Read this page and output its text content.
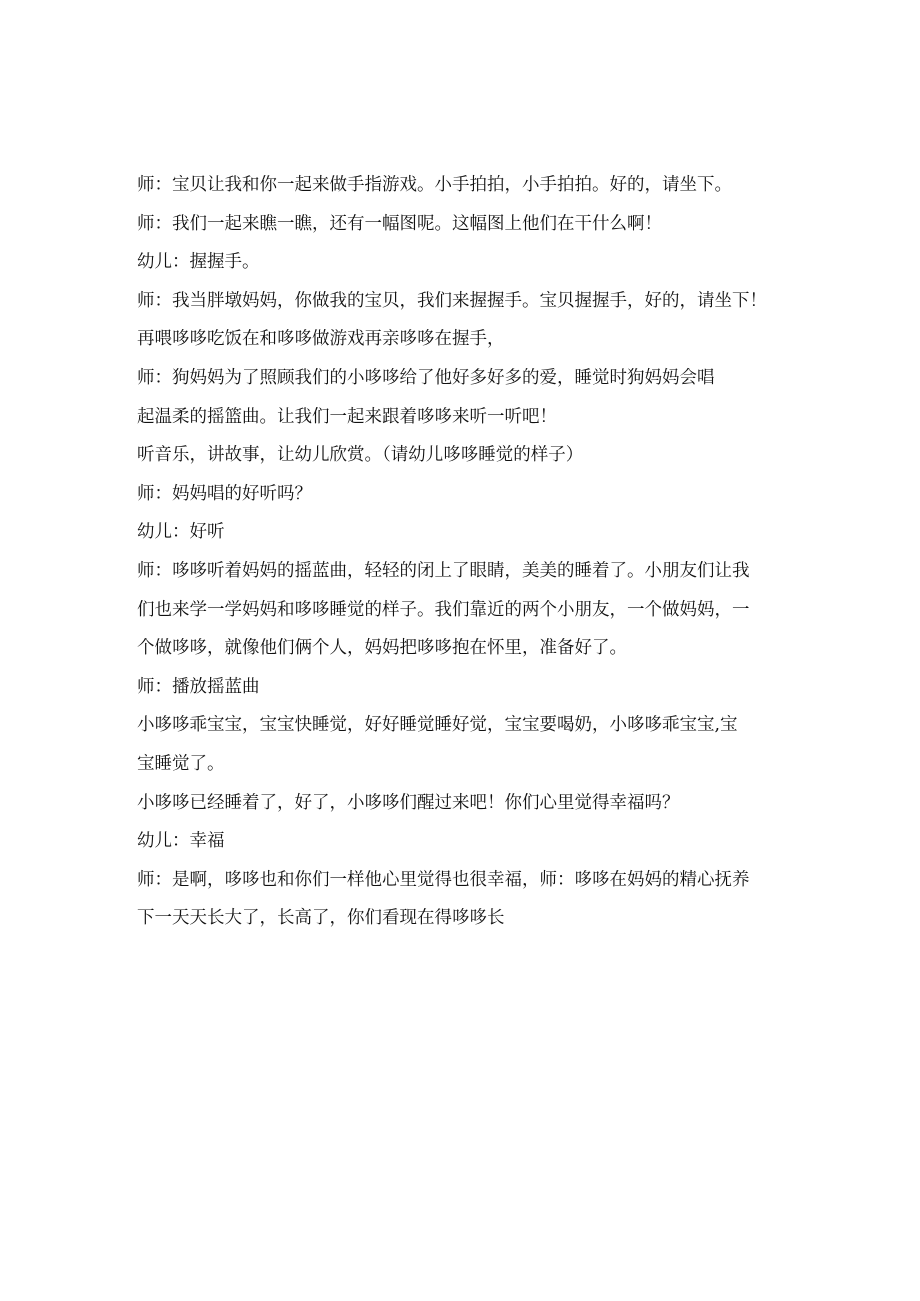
师：宝贝让我和你一起来做手指游戏。小手拍拍，小手拍拍。好的，请坐下。
师：我们一起来瞧一瞧，还有一幅图呢。这幅图上他们在干什么啊！
幼儿：握握手。
师：我当胖墩妈妈，你做我的宝贝，我们来握握手。宝贝握握手，好的，请坐下！
再喂哆哆吃饭在和哆哆做游戏再亲哆哆在握手，
师：狗妈妈为了照顾我们的小哆哆给了他好多好多的爱，睡觉时狗妈妈会唱
起温柔的摇篮曲。让我们一起来跟着哆哆来听一听吧！
听音乐，讲故事，让幼儿欣赏。（请幼儿哆哆睡觉的样子）
师：妈妈唱的好听吗？
幼儿：好听
师：哆哆听着妈妈的摇蓝曲，轻轻的闭上了眼睛，美美的睡着了。小朋友们让我
们也来学一学妈妈和哆哆睡觉的样子。我们靠近的两个小朋友，一个做妈妈，一
个做哆哆，就像他们俩个人，妈妈把哆哆抱在怀里，准备好了。
师：播放摇蓝曲
小哆哆乖宝宝，宝宝快睡觉，好好睡觉睡好觉，宝宝要喝奶，小哆哆乖宝宝,宝
宝睡觉了。
小哆哆已经睡着了，好了，小哆哆们醒过来吧！你们心里觉得幸福吗？
幼儿：幸福
师：是啊，哆哆也和你们一样他心里觉得也很幸福，师：哆哆在妈妈的精心抚养
下一天天长大了，长高了，你们看现在得哆哆长
